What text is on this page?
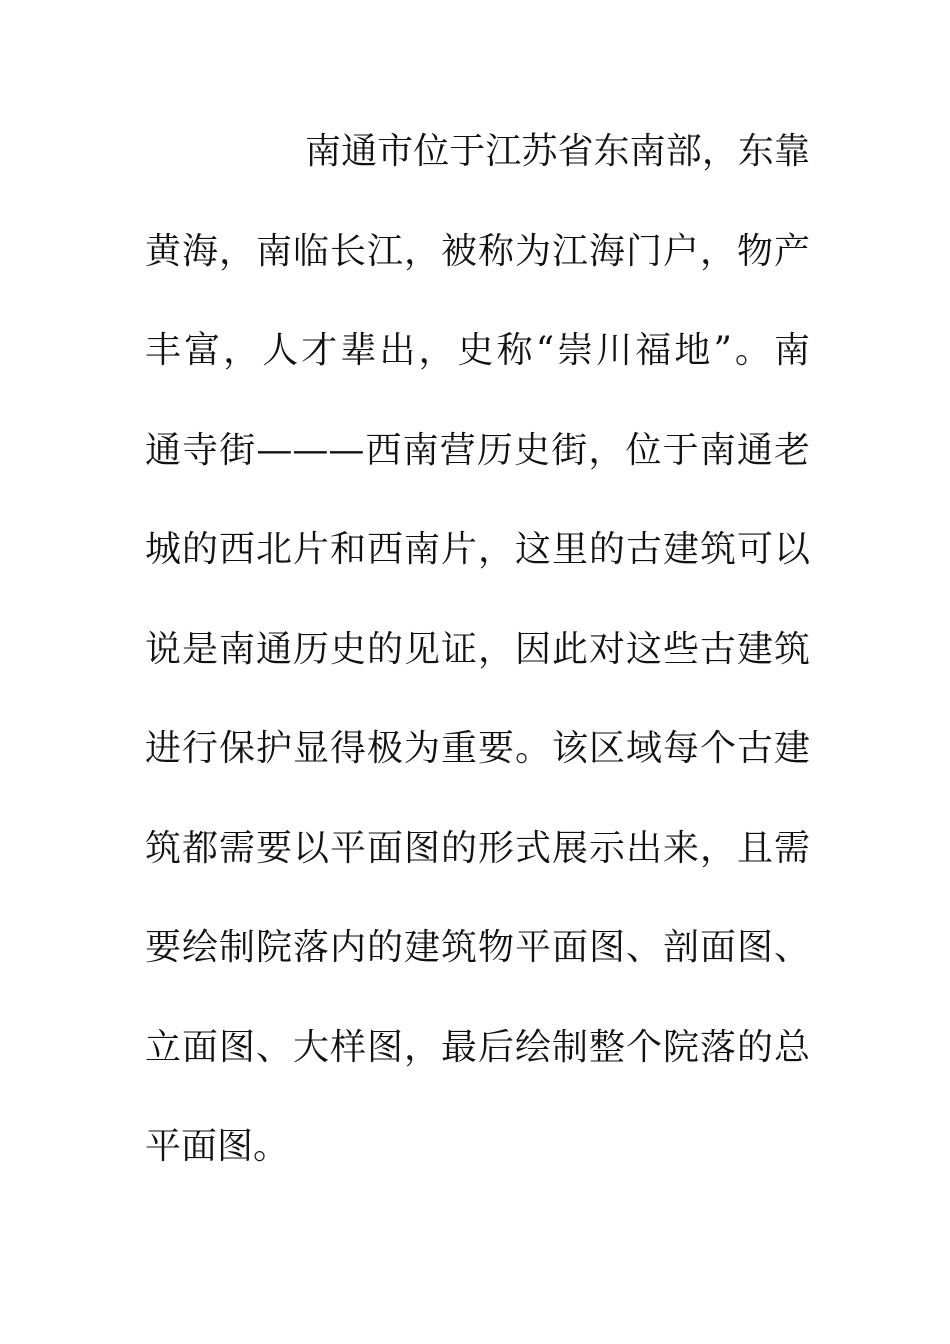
南通市位于江苏省东南部，东靠
黄海，南临长江，被称为江海门户，物产
丰富，人才辈出，史称“崇川福地”。南
通寺街———西南营历史街，位于南通老
城的西北片和西南片，这里的古建筑可以
说是南通历史的见证，因此对这些古建筑
进行保护显得极为重要。该区域每个古建
筑都需要以平面图的形式展示出来，且需
要绘制院落内的建筑物平面图、剖面图、
立面图、大样图，最后绘制整个院落的总
平面图。
